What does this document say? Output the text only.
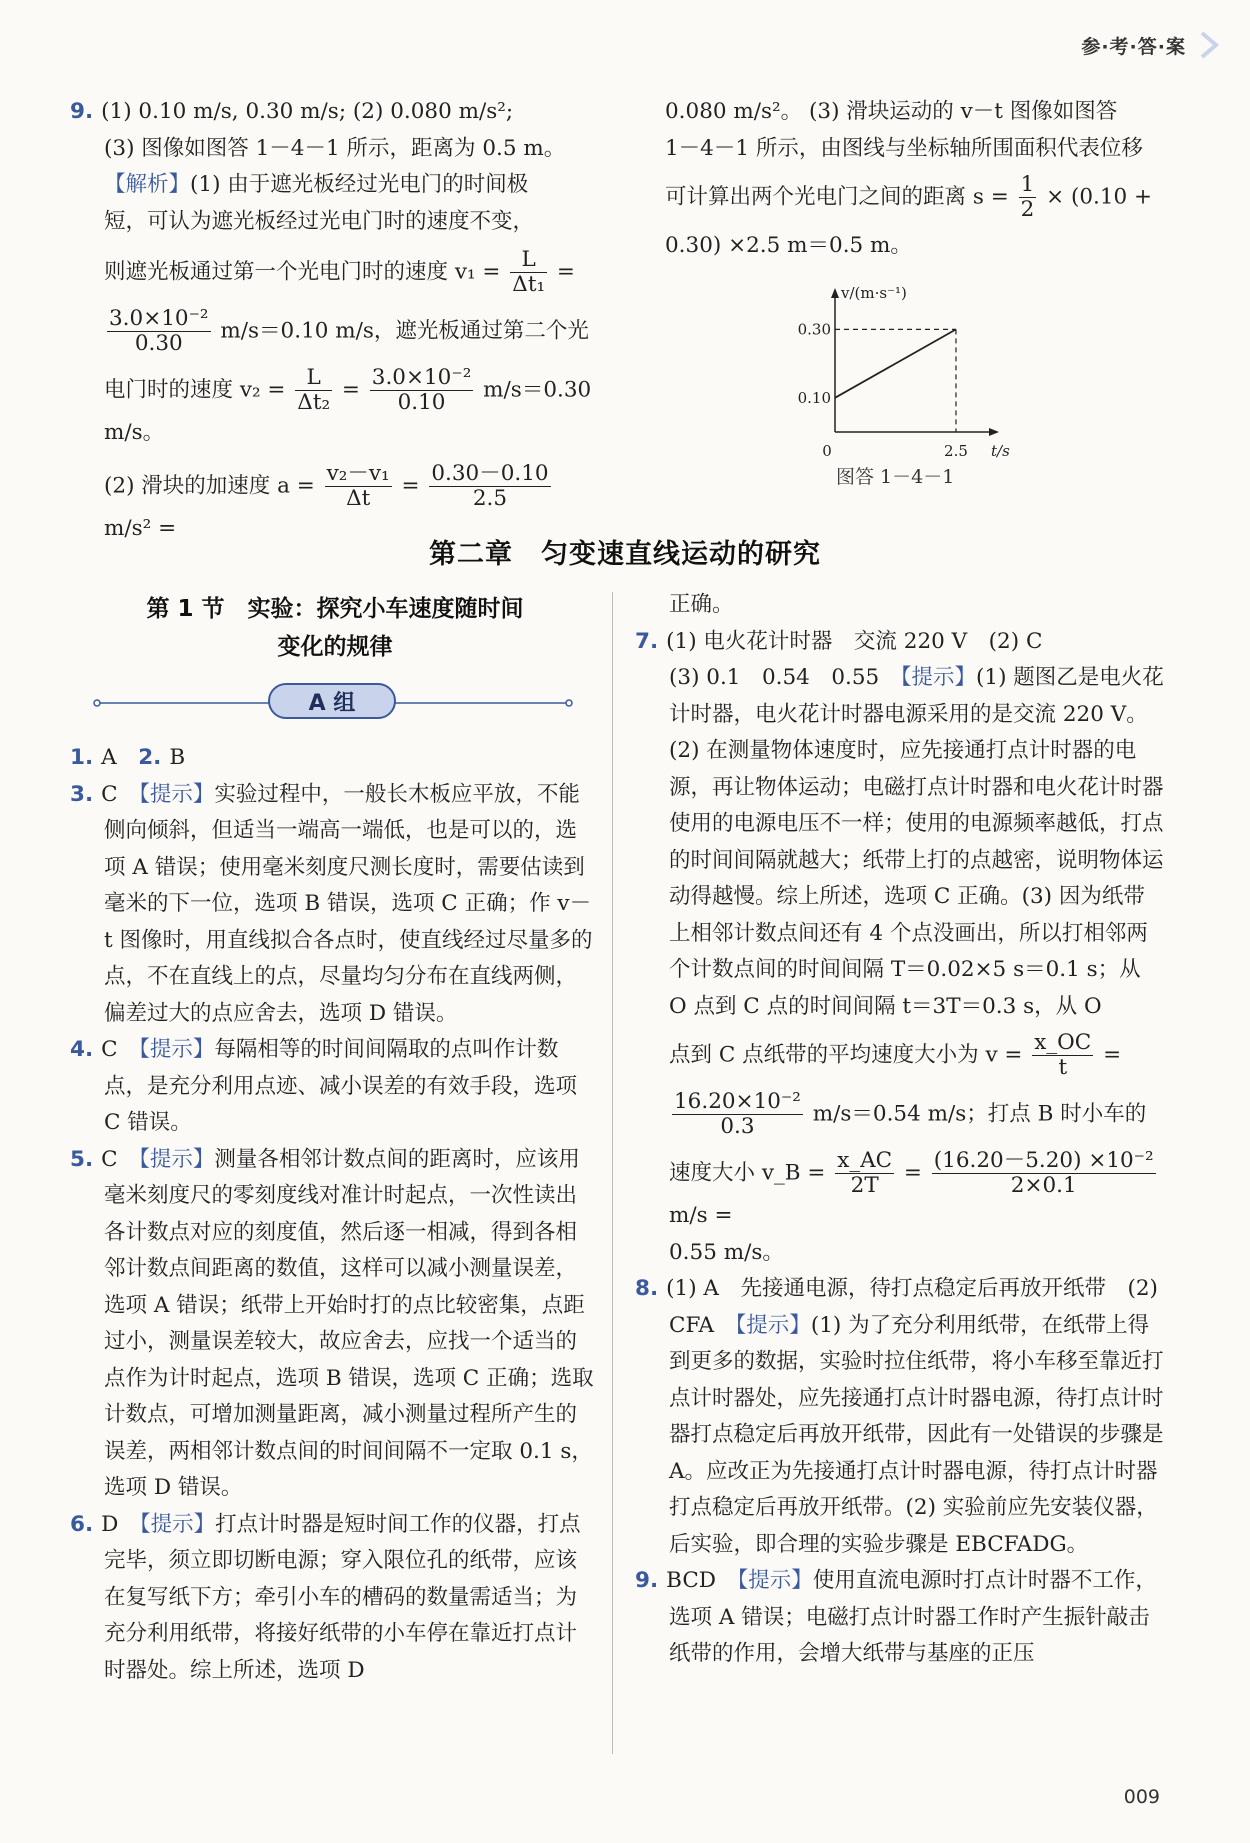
参·考·答·案

9. (1) 0.10 m/s, 0.30 m/s; (2) 0.080 m/s²;

(3) 图像如图答 1－4－1 所示，距离为 0.5 m。

【解析】(1) 由于遮光板经过光电门的时间极

短，可认为遮光板经过光电门时的速度不变，

则遮光板通过第一个光电门时的速度 $v_1 = \frac{L}{\text{Δt₁}}$ =

$\frac{\text{3.0×10⁻²}}{0.30} m/s=0.10$ m/s，遮光板通过第二个光

电门时的速度 $v_2 = \frac{L}{\text{Δt₂}} = \frac{\text{3.0×10⁻²}}{0.10} m/s=0.30$ m/s。

(2) 滑块的加速度 $a = \frac{\text{v₂－v₁}}{\Delta t} = \frac{0.30-0.10}{2.5}$
m/s² =

0.080 m/s²。 (3) 滑块运动的 v－t 图像如图答

1－4－1 所示，由图线与坐标轴所围面积代表位移

可计算出两个光电门之间的距离 $s = \frac{1}{2} \times (0.10$ +

0.30) ×2.5 m＝0.5 m。

v/(m·s⁻¹)
t/s
0
0.10
0.30
2.5
图答 1－4－1
第二章　匀变速直线运动的研究
第 1 节　实验：探究小车速度随时间
变化的规律
A 组

1. A　 2. B

3. C　 【提示】实验过程中，一般长木板应平放，不能侧向倾斜，但适当一端高一端低，也是可以的，选项 A 错误；使用毫米刻度尺测长度时，需要估读到毫米的下一位，选项 B 错误，选项 C 正确；作 v－t 图像时，用直线拟合各点时，使直线经过尽量多的点，不在直线上的点，尽量均匀分布在直线两侧，偏差过大的点应舍去，选项 D 错误。

4. C　 【提示】每隔相等的时间间隔取的点叫作计数点，是充分利用点迹、减小误差的有效手段，选项 C 错误。

5. C　 【提示】测量各相邻计数点间的距离时，应该用毫米刻度尺的零刻度线对准计时起点，一次性读出各计数点对应的刻度值，然后逐一相减，得到各相邻计数点间距离的数值，这样可以减小测量误差，选项 A 错误；纸带上开始时打的点比较密集，点距过小，测量误差较大，故应舍去，应找一个适当的点作为计时起点，选项 B 错误，选项 C 正确；选取计数点，可增加测量距离，减小测量过程所产生的误差，两相邻计数点间的时间间隔不一定取 0.1 s，选项 D 错误。

6. D　 【提示】打点计时器是短时间工作的仪器，打点完毕，须立即切断电源；穿入限位孔的纸带，应该在复写纸下方；牵引小车的槽码的数量需适当；为充分利用纸带，将接好纸带的小车停在靠近打点计时器处。综上所述，选项 D

正确。

7. (1) 电火花计时器　交流 220 V　(2) C

(3) 0.1　0.54　0.55　 【提示】(1) 题图乙是电火花计时器，电火花计时器电源采用的是交流 220 V。(2) 在测量物体速度时，应先接通打点计时器的电源，再让物体运动；电磁打点计时器和电火花计时器使用的电源电压不一样；使用的电源频率越低，打点的时间间隔就越大；纸带上打的点越密，说明物体运动得越慢。综上所述，选项 C 正确。(3) 因为纸带上相邻计数点间还有 4 个点没画出，所以打相邻两个计数点间的时间间隔 T＝0.02×5 s＝0.1 s；从 O 点到 C 点的时间间隔 t＝3T＝0.3 s，从 O

点到 C 点纸带的平均速度大小为 $v = \frac{x\_OC}{t}$ =

$\frac{\text{16.20×10⁻²}}{0.3} m/s=0.54$ m/s；打点 B 时小车的

速度大小 v_B = $\frac{x\_AC}{2T} = \frac{\text{(16.20－5.20) ×10⁻²}}{2\times 0.1}$
m/s =

0.55 m/s。

8. (1) A　先接通电源，待打点稳定后再放开纸带　(2) CFA　 【提示】(1) 为了充分利用纸带，在纸带上得到更多的数据，实验时拉住纸带，将小车移至靠近打点计时器处，应先接通打点计时器电源，待打点计时器打点稳定后再放开纸带，因此有一处错误的步骤是 A。应改正为先接通打点计时器电源，待打点计时器打点稳定后再放开纸带。(2) 实验前应先安装仪器，后实验，即合理的实验步骤是 EBCFADG。

9. BCD　 【提示】使用直流电源时打点计时器不工作，选项 A 错误；电磁打点计时器工作时产生振针敲击纸带的作用，会增大纸带与基座的正压

009
